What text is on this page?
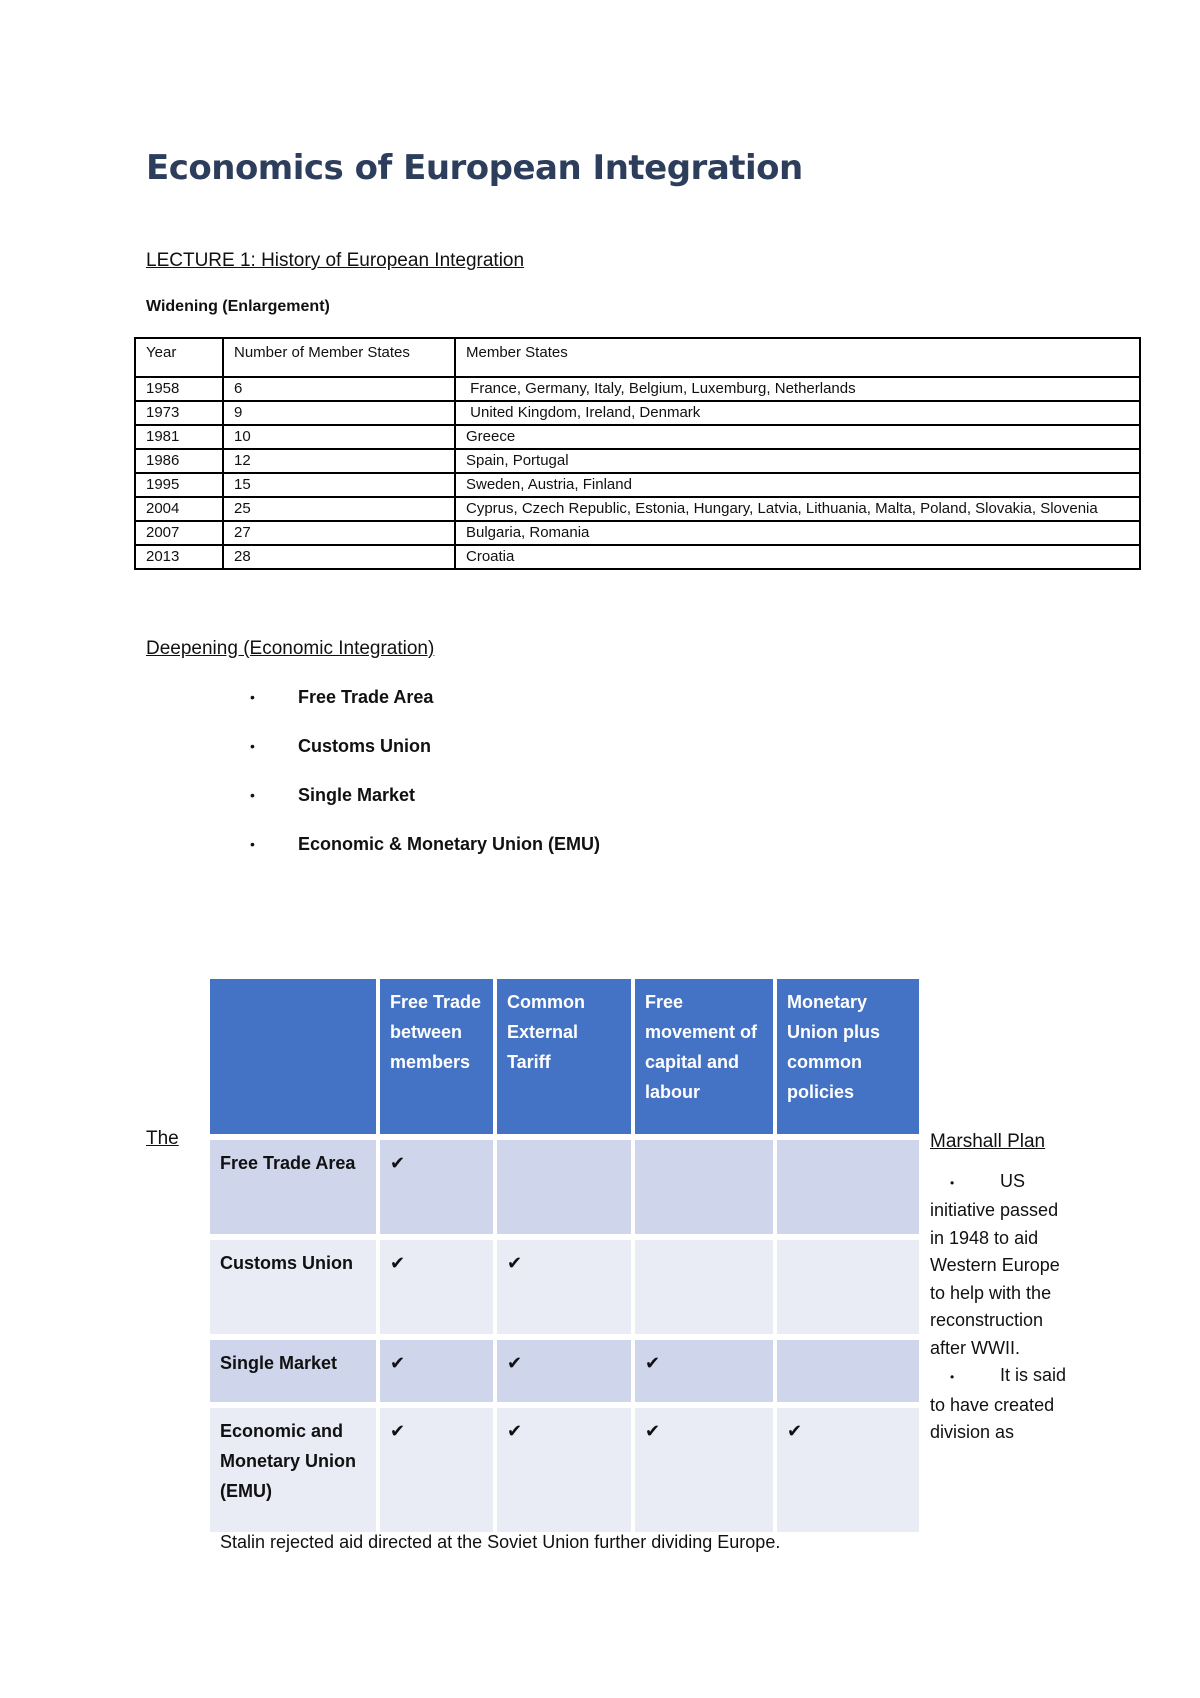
Economics of European Integration
LECTURE 1: History of European Integration
Widening (Enlargement)
Year	Number of Member States	Member States
1958	6	France, Germany, Italy, Belgium, Luxemburg, Netherlands
1973	9	United Kingdom, Ireland, Denmark
1981	10	Greece
1986	12	Spain, Portugal
1995	15	Sweden, Austria, Finland
2004	25	Cyprus, Czech Republic, Estonia, Hungary, Latvia, Lithuania, Malta, Poland, Slovakia, Slovenia
2007	27	Bulgaria, Romania
2013	28	Croatia
Deepening (Economic Integration)
• Free Trade Area
• Customs Union
• Single Market
• Economic & Monetary Union (EMU)
	Free Trade between members	Common External Tariff	Free movement of capital and labour	Monetary Union plus common policies
Free Trade Area	✔			
Customs Union	✔	✔		
Single Market	✔	✔	✔	
Economic and Monetary Union (EMU)	✔	✔	✔	✔
The	Marshall Plan
•	US initiative passed in 1948 to aid Western Europe to help with the reconstruction after WWII.
•	It is said to have created division as
Stalin rejected aid directed at the Soviet Union further dividing Europe.
